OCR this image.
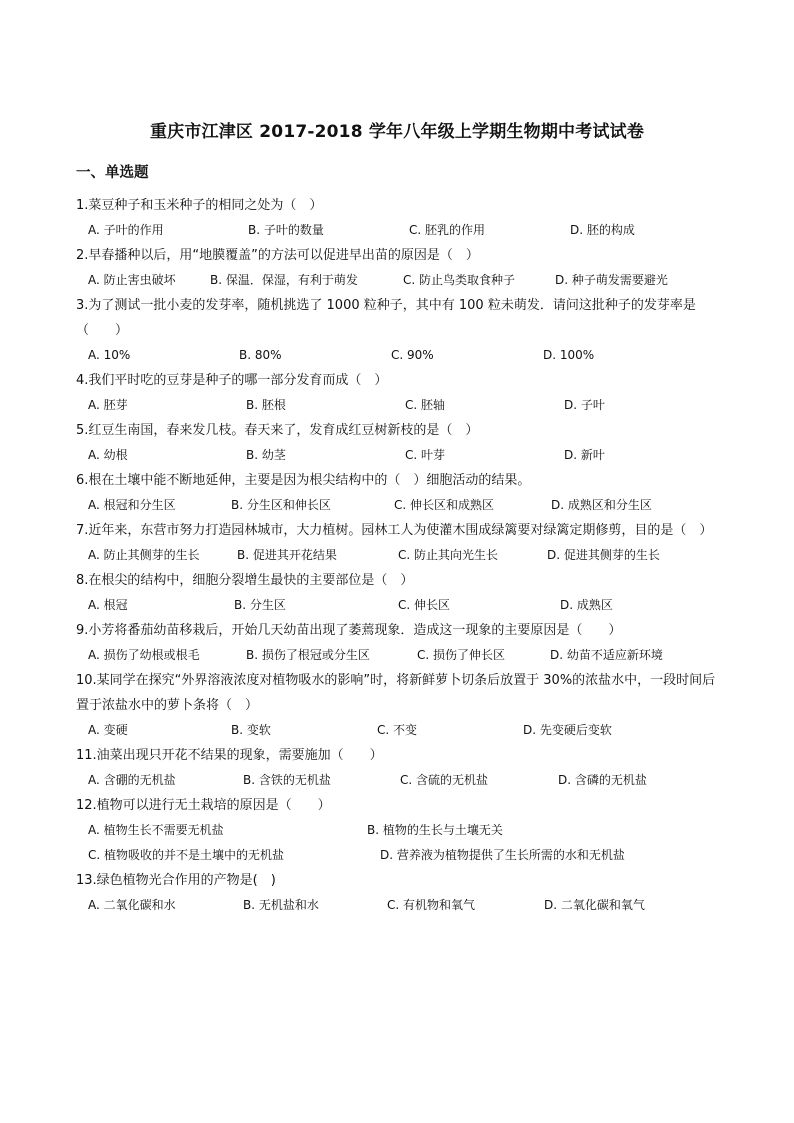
重庆市江津区 2017-2018 学年八年级上学期生物期中考试试卷
一、单选题
1.菜豆种子和玉米种子的相同之处为（　）
A. 子叶的作用	B. 子叶的数量	C. 胚乳的作用	D. 胚的构成
2.早春播种以后，用“地膜覆盖”的方法可以促进早出苗的原因是（　）
A. 防止害虫破坏	B. 保温．保湿，有利于萌发	C. 防止鸟类取食种子	D. 种子萌发需要避光
3.为了测试一批小麦的发芽率，随机挑选了 1000 粒种子，其中有 100 粒未萌发．请问这批种子的发芽率是（　　）
A. 10%	B. 80%	C. 90%	D. 100%
4.我们平时吃的豆芽是种子的哪一部分发育而成（　）
A. 胚芽	B. 胚根	C. 胚轴	D. 子叶
5.红豆生南国，春来发几枝。春天来了，发育成红豆树新枝的是（　）
A. 幼根	B. 幼茎	C. 叶芽	D. 新叶
6.根在土壤中能不断地延伸，主要是因为根尖结构中的（　）细胞活动的结果。
A. 根冠和分生区	B. 分生区和伸长区	C. 伸长区和成熟区	D. 成熟区和分生区
7.近年来，东营市努力打造园林城市，大力植树。园林工人为使灌木围成绿篱要对绿篱定期修剪，目的是（　）
A. 防止其侧芽的生长	B. 促进其开花结果	C. 防止其向光生长	D. 促进其侧芽的生长
8.在根尖的结构中，细胞分裂增生最快的主要部位是（　）
A. 根冠	B. 分生区	C. 伸长区	D. 成熟区
9.小芳将番茄幼苗移栽后，开始几天幼苗出现了萎蔫现象．造成这一现象的主要原因是（　　）
A. 损伤了幼根或根毛	B. 损伤了根冠或分生区	C. 损伤了伸长区	D. 幼苗不适应新环境
10.某同学在探究“外界溶液浓度对植物吸水的影响”时，将新鲜萝卜切条后放置于 30%的浓盐水中，一段时间后置于浓盐水中的萝卜条将（　）
A. 变硬	B. 变软	C. 不变	D. 先变硬后变软
11.油菜出现只开花不结果的现象，需要施加（　　）
A. 含硼的无机盐	B. 含铁的无机盐	C. 含硫的无机盐	D. 含磷的无机盐
12.植物可以进行无土栽培的原因是（　　）
A. 植物生长不需要无机盐	B. 植物的生长与土壤无关
C. 植物吸收的并不是土壤中的无机盐	D. 营养液为植物提供了生长所需的水和无机盐
13.绿色植物光合作用的产物是(　)
A. 二氧化碳和水	B. 无机盐和水	C. 有机物和氧气	D. 二氧化碳和氧气
